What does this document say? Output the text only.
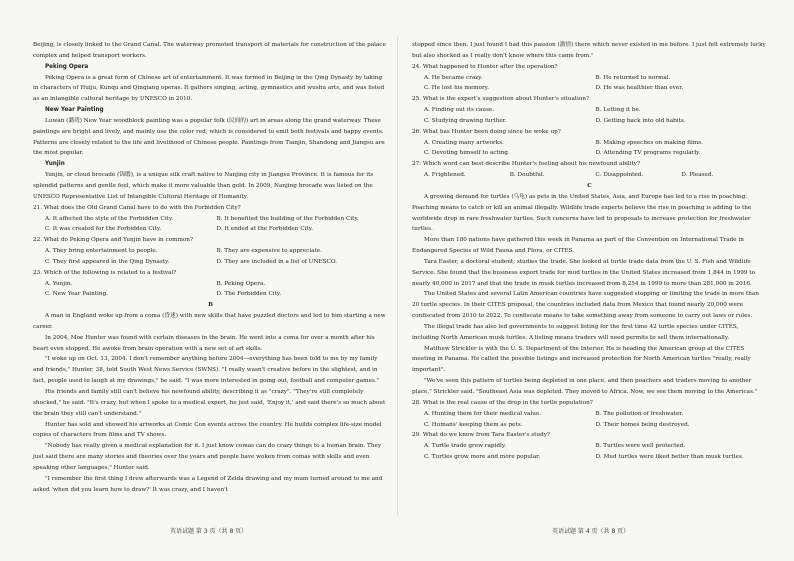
Beijing, is closely linked to the Grand Canal. The waterway promoted transport of materials for construction of the palace complex and helped transport workers.
Peking Opera
Peking Opera is a great form of Chinese art of entertainment. It was formed in Beijing in the Qing Dynasty by taking in characters of Huiju, Kunqu and Qinqiang operas. It gathers singing, acting, gymnastics and wushu arts, and was listed as an intangible cultural heritage by UNESCO in 2010.
New Year Painting
Luwan (潞湾) New Year woodblock painting was a popular folk (民间的) art in areas along the grand waterway. These paintings are bright and lively, and mainly use the color red, which is considered to emit both festivals and happy events. Patterns are closely related to the life and livelihood of Chinese people. Paintings from Tianjin, Shandong and Jiangsu are the most popular.
Yunjin
Yunjin, or cloud brocade (锦缎), is a unique silk craft native to Nanjing city in Jiangsu Province. It is famous for its splendid patterns and gentle feel, which make it more valuable than gold. In 2009, Nanjing brocade was listed on the UNESCO Representative List of Intangible Cultural Heritage of Humanity.
21. What does the Old Grand Canal have to do with the Forbidden City?
A. It affected the style of the Forbidden City.	B. It benefited the building of the Forbidden City.
C. It was created for the Forbidden City.	D. It ended at the Forbidden City.
22. What do Peking Opera and Yunjin have in common?
A. They bring entertainment to people.	B. They are expensive to appreciate.
C. They first appeared in the Qing Dynasty.	D. They are included in a list of UNESCO.
23. Which of the following is related to a festival?
A. Yunjin.	B. Peking Opera.
C. New Year Painting.	D. The Forbidden City.
B
A man in England woke up from a coma (昏迷) with new skills that have puzzled doctors and led to him starting a new career.
In 2004, Moe Hunter was found with certain diseases in the brain. He went into a coma for over a month after his heart even stopped. He awoke from brain operation with a new set of art skills.
"I woke up on Oct. 13, 2004. I don't remember anything before 2004—everything has been told to me by my family and friends," Hunter, 38, told South West News Service (SWNS). "I really wasn't creative before in the slightest, and in fact, people used to laugh at my drawings," he said. "I was more interested in going out, football and computer games."
His friends and family still can't believe his newfound ability, describing it as "crazy". "They're still completely shocked," he said. "It's crazy, but when I spoke to a medical expert, he just said, 'Enjoy it,' and said there's so much about the brain they still can't understand."
Hunter has sold and showed his artworks at Comic Con events across the country. He builds complex life-size model copies of characters from films and TV shows.
"Nobody has really given a medical explanation for it. I just know comas can do crazy things to a human brain. They just said there are many stories and theories over the years and people have woken from comas with skills and even speaking other languages," Hunter said.
"I remember the first thing I drew afterwards was a Legend of Zelda drawing and my mum turned around to me and asked 'when did you learn how to draw?' It was crazy, and I haven't
stopped since then. I just found I had this passion (激情) there which never existed in me before. I just felt extremely lucky but also shocked as I really don't know where this came from."
24. What happened to Hunter after the operation?
A. He became crazy.	B. He returned to normal.
C. He lost his memory.	D. He was healthier than ever.
25. What is the expert's suggestion about Hunter's situation?
A. Finding out its cause.	B. Letting it be.
C. Studying drawing further.	D. Getting back into old habits.
26. What has Hunter been doing since he woke up?
A. Creating many artworks.	B. Making speeches on making films.
C. Devoting himself to acting.	D. Attending TV programs regularly.
27. Which word can best describe Hunter's feeling about his newfound ability?
A. Frightened.	B. Doubtful.	C. Disappointed.	D. Pleased.
C
A growing demand for turtles (乌龟) as pets in the United States, Asia, and Europe has led to a rise in poaching. Poaching means to catch or kill an animal illegally. Wildlife trade experts believe the rise in poaching is adding to the worldwide drop in rare freshwater turtles. Such concerns have led to proposals to increase protection for freshwater turtles.
More than 180 nations have gathered this week in Panama as part of the Convention on International Trade in Endangered Species of Wild Fauna and Flora, or CITES.
Tara Easter, a doctoral student, studies the trade. She looked at turtle trade data from the U. S. Fish and Wildlife Service. She found that the business export trade for mud turtles in the United States increased from 1,844 in 1999 to nearly 40,000 in 2017 and that the trade in musk turtles increased from 8,254 in 1999 to more than 281,000 in 2016.
The United States and several Latin American countries have suggested stopping or limiting the trade in more than 20 turtle species. In their CITES proposal, the countries included data from Mexico that found nearly 20,000 were confiscated from 2010 to 2022. To confiscate means to take something away from someone to carry out laws or rules.
The illegal trade has also led governments to suggest listing for the first time 42 turtle species under CITES, including North American musk turtles. A listing means traders will need permits to sell them internationally.
Matthew Strickler is with the U. S. Department of the Interior. He is heading the American group at the CITES meeting in Panama. He called the possible listings and increased protection for North American turtles "really, really important".
"We've seen this pattern of turtles being depleted in one place, and then poachers and traders moving to another place," Strickler said. "Southeast Asia was depleted. They moved to Africa. Now, we see them moving to the Americas."
28. What is the real cause of the drop in the turtle population?
A. Hunting them for their medical value.	B. The pollution of freshwater.
C. Humans' keeping them as pets.	D. Their homes being destroyed.
29. What do we know from Tara Easter's study?
A. Turtle trade grew rapidly.	B. Turtles were well protected.
C. Turtles grow more and more popular.	D. Mud turtles were liked better than musk turtles.
英语试题 第 3 页（共 8 页）	英语试题 第 4 页（共 8 页）
